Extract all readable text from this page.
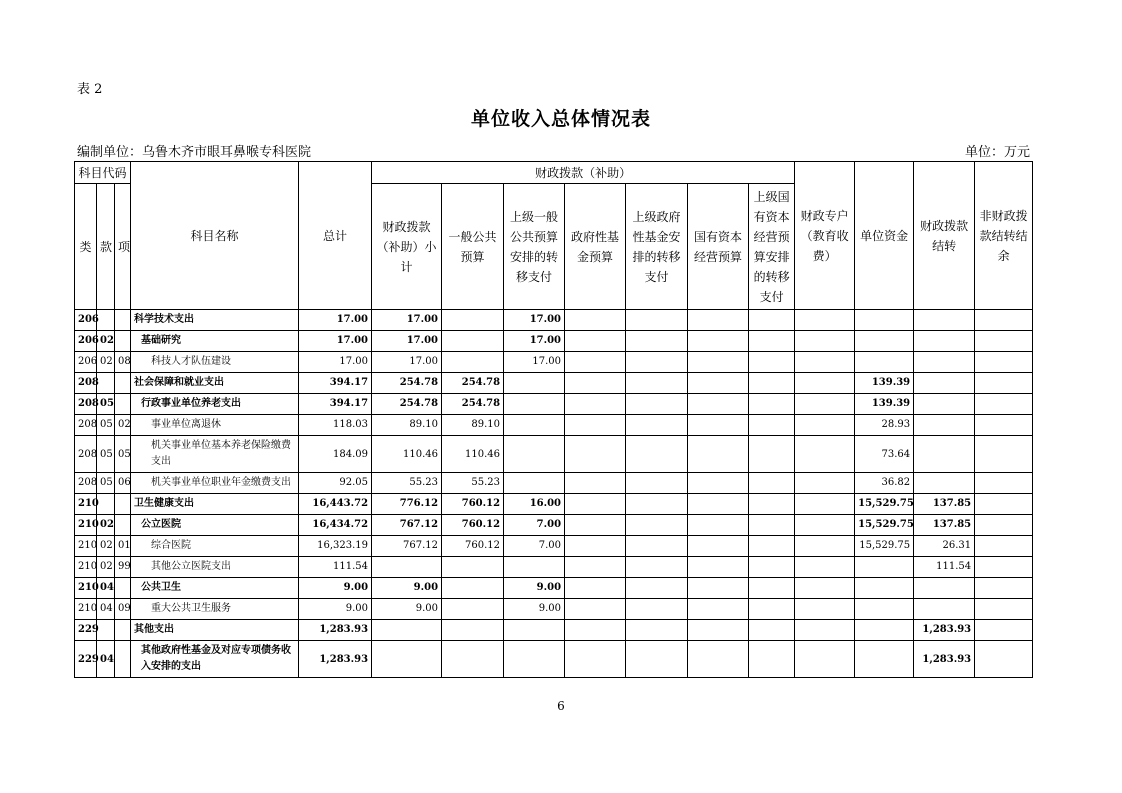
表 2
单位收入总体情况表
编制单位：乌鲁木齐市眼耳鼻喉专科医院	单位：万元
科目代码			科目名称	总计	财政拨款（补助）							财政专户（教育收费）	单位资金	财政拨款结转	非财政拨款结转结余
类	款	项			财政拨款（补助）小计	一般公共预算	上级一般公共预算安排的转移支付	政府性基金预算	上级政府性基金安排的转移支付	国有资本经营预算	上级国有资本经营预算安排的转移支付				
206			科学技术支出	17.00	17.00		17.00								
206	02		基础研究	17.00	17.00		17.00								
206	02	08	科技人才队伍建设	17.00	17.00		17.00								
208			社会保障和就业支出	394.17	254.78	254.78							139.39		
208	05		行政事业单位养老支出	394.17	254.78	254.78							139.39		
208	05	02	事业单位离退休	118.03	89.10	89.10							28.93		
208	05	05	机关事业单位基本养老保险缴费支出	184.09	110.46	110.46							73.64		
208	05	06	机关事业单位职业年金缴费支出	92.05	55.23	55.23							36.82		
210			卫生健康支出	16,443.72	776.12	760.12	16.00						15,529.75	137.85	
210	02		公立医院	16,434.72	767.12	760.12	7.00						15,529.75	137.85	
210	02	01	综合医院	16,323.19	767.12	760.12	7.00						15,529.75	26.31	
210	02	99	其他公立医院支出	111.54										111.54	
210	04		公共卫生	9.00	9.00		9.00								
210	04	09	重大公共卫生服务	9.00	9.00		9.00								
229			其他支出	1,283.93										1,283.93	
229	04		其他政府性基金及对应专项债务收入安排的支出	1,283.93										1,283.93	
6
